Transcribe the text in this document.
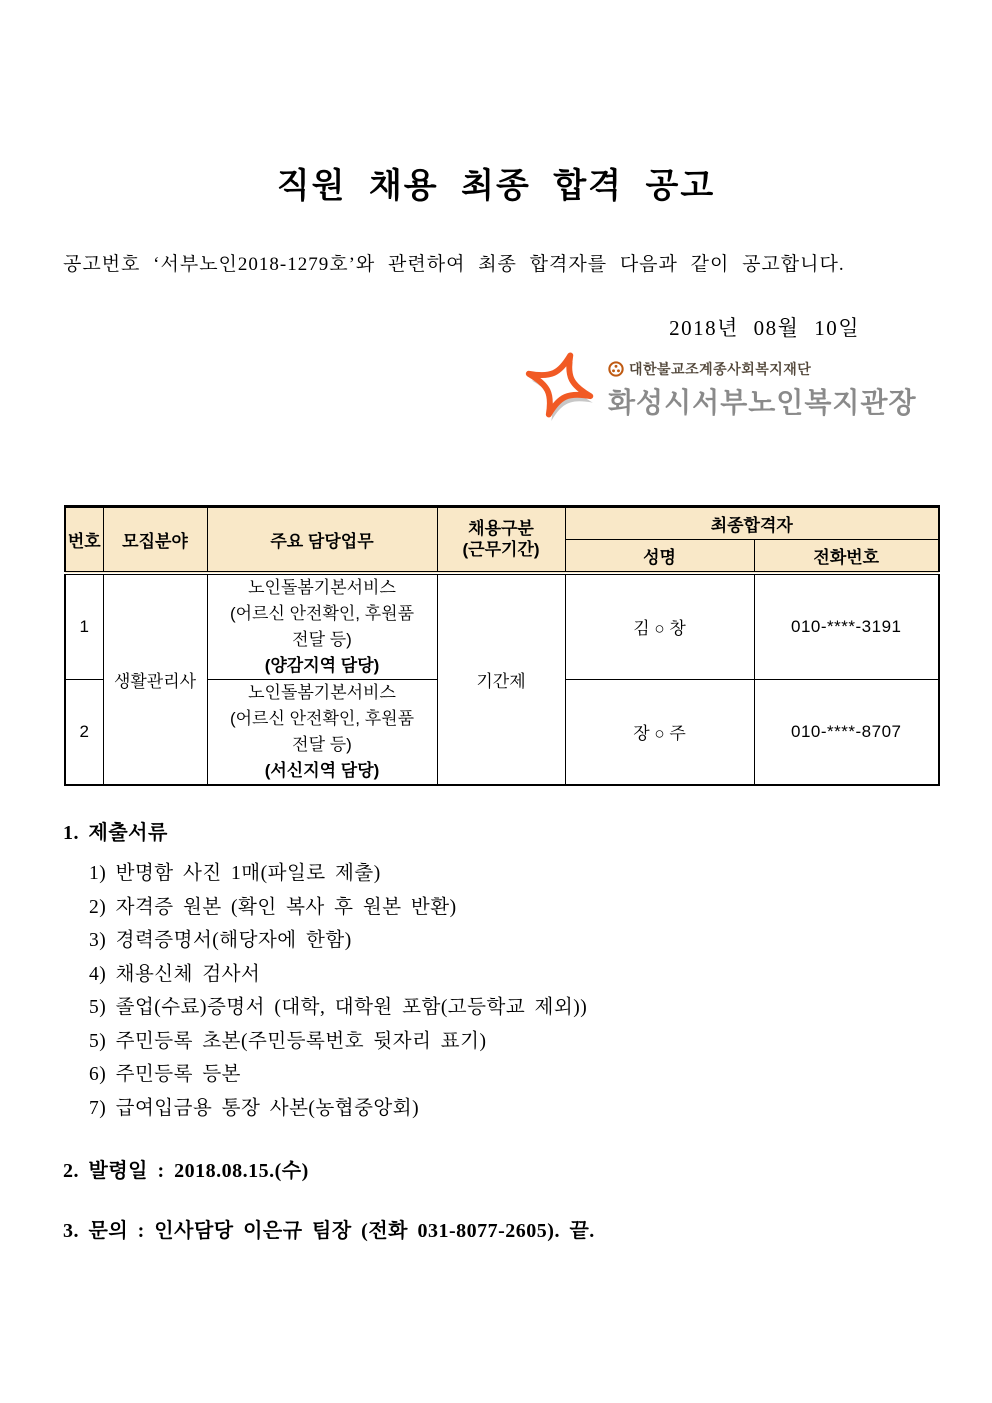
직원 채용 최종 합격 공고

공고번호 ‘서부노인2018-1279호’와 관련하여 최종 합격자를 다음과 같이 공고합니다.

2018년 08월 10일
대한불교조계종사회복지재단
화성시서부노인복지관장
번호	모집분야	주요 담당업무	채용구분
(근무기간)	최종합격자	
				성명	전화번호
1	생활관리사	노인돌봄기본서비스
(어르신 안전확인, 후원품
전달 등)
(양감지역 담당)	기간제	김 ○ 창	010-****-3191
2		노인돌봄기본서비스
(어르신 안전확인, 후원품
전달 등)
(서신지역 담당)		장 ○ 주	010-****-8707
1. 제출서류
1) 반명함 사진 1매(파일로 제출)
2) 자격증 원본 (확인 복사 후 원본 반환)
3) 경력증명서(해당자에 한함)
4) 채용신체 검사서
5) 졸업(수료)증명서 (대학, 대학원 포함(고등학교 제외))
5) 주민등록 초본(주민등록번호 뒷자리 표기)
6) 주민등록 등본
7) 급여입금용 통장 사본(농협중앙회)
2. 발령일 : 2018.08.15.(수)
3. 문의 : 인사담당 이은규 팀장 (전화 031-8077-2605). 끝.
